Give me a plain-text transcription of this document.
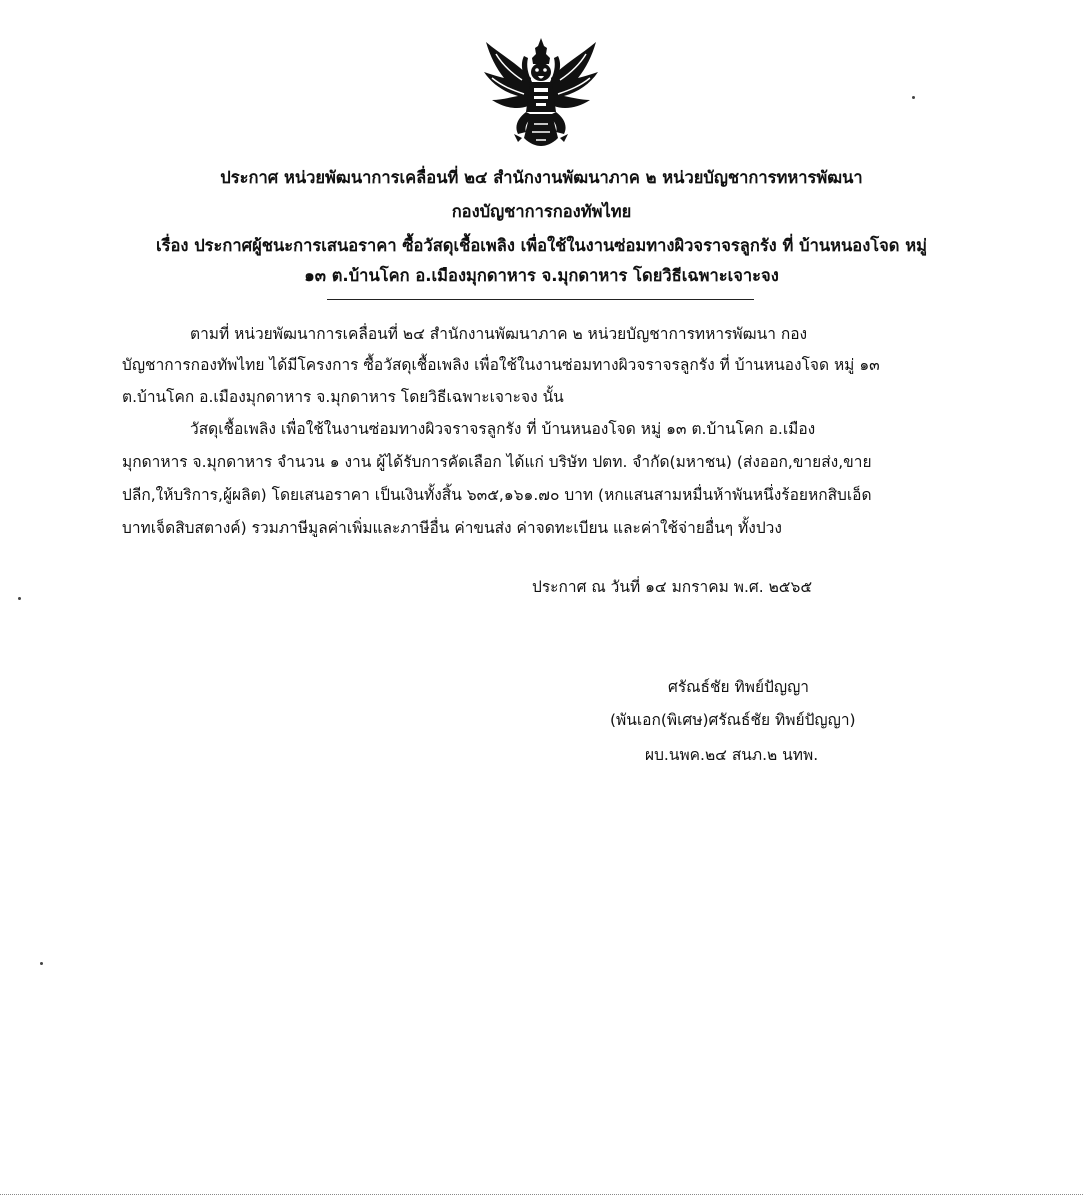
ประกาศ หน่วยพัฒนาการเคลื่อนที่ ๒๔ สำนักงานพัฒนาภาค ๒ หน่วยบัญชาการทหารพัฒนา
กองบัญชาการกองทัพไทย
เรื่อง ประกาศผู้ชนะการเสนอราคา ซื้อวัสดุเชื้อเพลิง เพื่อใช้ในงานซ่อมทางผิวจราจรลูกรัง ที่ บ้านหนองโจด หมู่
๑๓ ต.บ้านโคก อ.เมืองมุกดาหาร จ.มุกดาหาร โดยวิธีเฉพาะเจาะจง
ตามที่ หน่วยพัฒนาการเคลื่อนที่ ๒๔ สำนักงานพัฒนาภาค ๒ หน่วยบัญชาการทหารพัฒนา กอง
บัญชาการกองทัพไทย ได้มีโครงการ ซื้อวัสดุเชื้อเพลิง เพื่อใช้ในงานซ่อมทางผิวจราจรลูกรัง ที่ บ้านหนองโจด หมู่ ๑๓
ต.บ้านโคก อ.เมืองมุกดาหาร จ.มุกดาหาร โดยวิธีเฉพาะเจาะจง นั้น
วัสดุเชื้อเพลิง เพื่อใช้ในงานซ่อมทางผิวจราจรลูกรัง ที่ บ้านหนองโจด หมู่ ๑๓ ต.บ้านโคก อ.เมือง
มุกดาหาร จ.มุกดาหาร จำนวน ๑ งาน ผู้ได้รับการคัดเลือก ได้แก่ บริษัท ปตท. จำกัด(มหาชน) (ส่งออก,ขายส่ง,ขาย
ปลีก,ให้บริการ,ผู้ผลิต) โดยเสนอราคา เป็นเงินทั้งสิ้น ๖๓๕,๑๖๑.๗๐ บาท (หกแสนสามหมื่นห้าพันหนึ่งร้อยหกสิบเอ็ด
บาทเจ็ดสิบสตางค์) รวมภาษีมูลค่าเพิ่มและภาษีอื่น ค่าขนส่ง ค่าจดทะเบียน และค่าใช้จ่ายอื่นๆ ทั้งปวง
ประกาศ ณ วันที่ ๑๔ มกราคม พ.ศ. ๒๕๖๕
ศรัณธ์ชัย ทิพย์ปัญญา
(พันเอก(พิเศษ)ศรัณธ์ชัย ทิพย์ปัญญา)
ผบ.นพค.๒๔ สนภ.๒ นทพ.
